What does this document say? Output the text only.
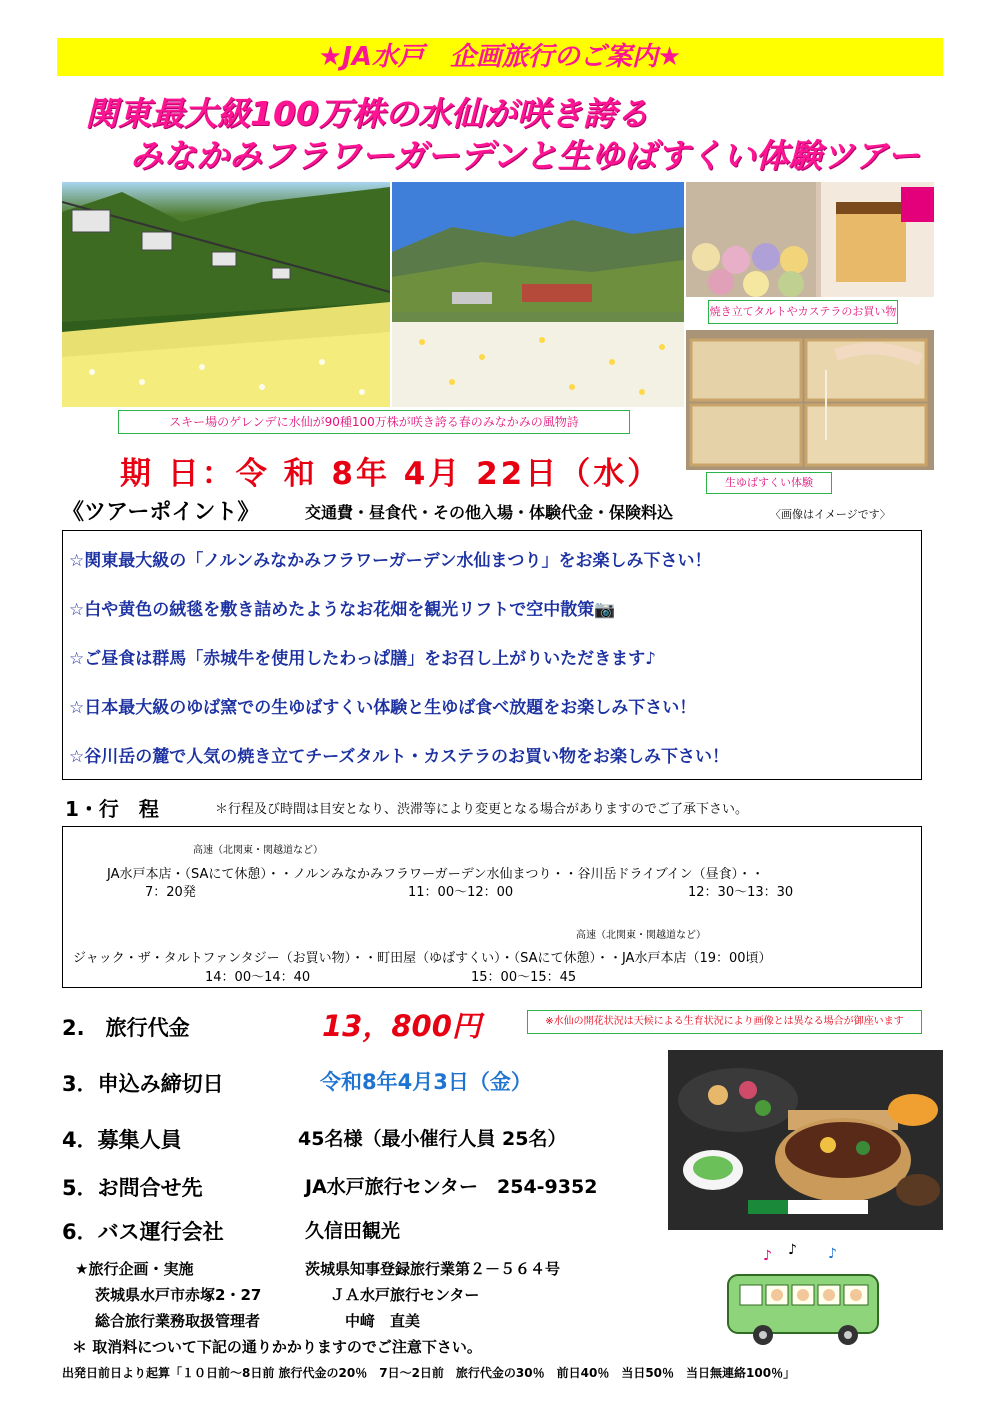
★JA水戸　企画旅行のご案内★
関東最大級100万株の水仙が咲き誇る
みなかみフラワーガーデンと生ゆばすくい体験ツアー
焼き立てタルトやカステラのお買い物
生ゆばすくい体験
スキー場のゲレンデに水仙が90種100万株が咲き誇る春のみなかみの風物詩
期 日：令 和 8年 4月 22日（水）
《ツアーポイント》	交通費・昼食代・その他入場・体験代金・保険料込	〈画像はイメージです〉
☆関東最大級の「ノルンみなかみフラワーガーデン水仙まつり」をお楽しみ下さい！
☆白や黄色の絨毯を敷き詰めたようなお花畑を観光リフトで空中散策📷
☆ご昼食は群馬「赤城牛を使用したわっぱ膳」をお召し上がりいただきます♪
☆日本最大級のゆば窯での生ゆばすくい体験と生ゆば食べ放題をお楽しみ下さい！
☆谷川岳の麓で人気の焼き立てチーズタルト・カステラのお買い物をお楽しみ下さい！
1・行　程	＊行程及び時間は目安となり、渋滞等により変更となる場合がありますのでご了承下さい。
高速（北関東・関越道など）
JA水戸本店・（SAにて休憩）・・ノルンみなかみフラワーガーデン水仙まつり・・谷川岳ドライブイン（昼食）・・
7：20発	11：00～12：00	12：30～13：30
高速（北関東・関越道など）
ジャック・ザ・タルトファンタジー（お買い物）・・町田屋（ゆばすくい）・（SAにて休憩）・・JA水戸本店（19：00頃）
14：00～14：40	15：00～15：45
2.　旅行代金	13，800円	※水仙の開花状況は天候による生育状況により画像とは異なる場合が御座います
3．申込み締切日	令和8年4月3日（金）
4．募集人員	45名様（最小催行人員 25名）
5．お問合せ先	JA水戸旅行センター　254-9352
6．バス運行会社	久信田観光
♪ ♪ ♪
★旅行企画・実施	茨城県知事登録旅行業第２－５６４号
茨城県水戸市赤塚2・27	ＪＡ水戸旅行センター
総合旅行業務取扱管理者	中﨑　直美
＊ 取消料について下記の通りかかりますのでご注意下さい。
出発日前日より起算「１０日前～8日前 旅行代金の20％　7日～2日前　旅行代金の30％　前日40％　当日50％　当日無連絡100％」
